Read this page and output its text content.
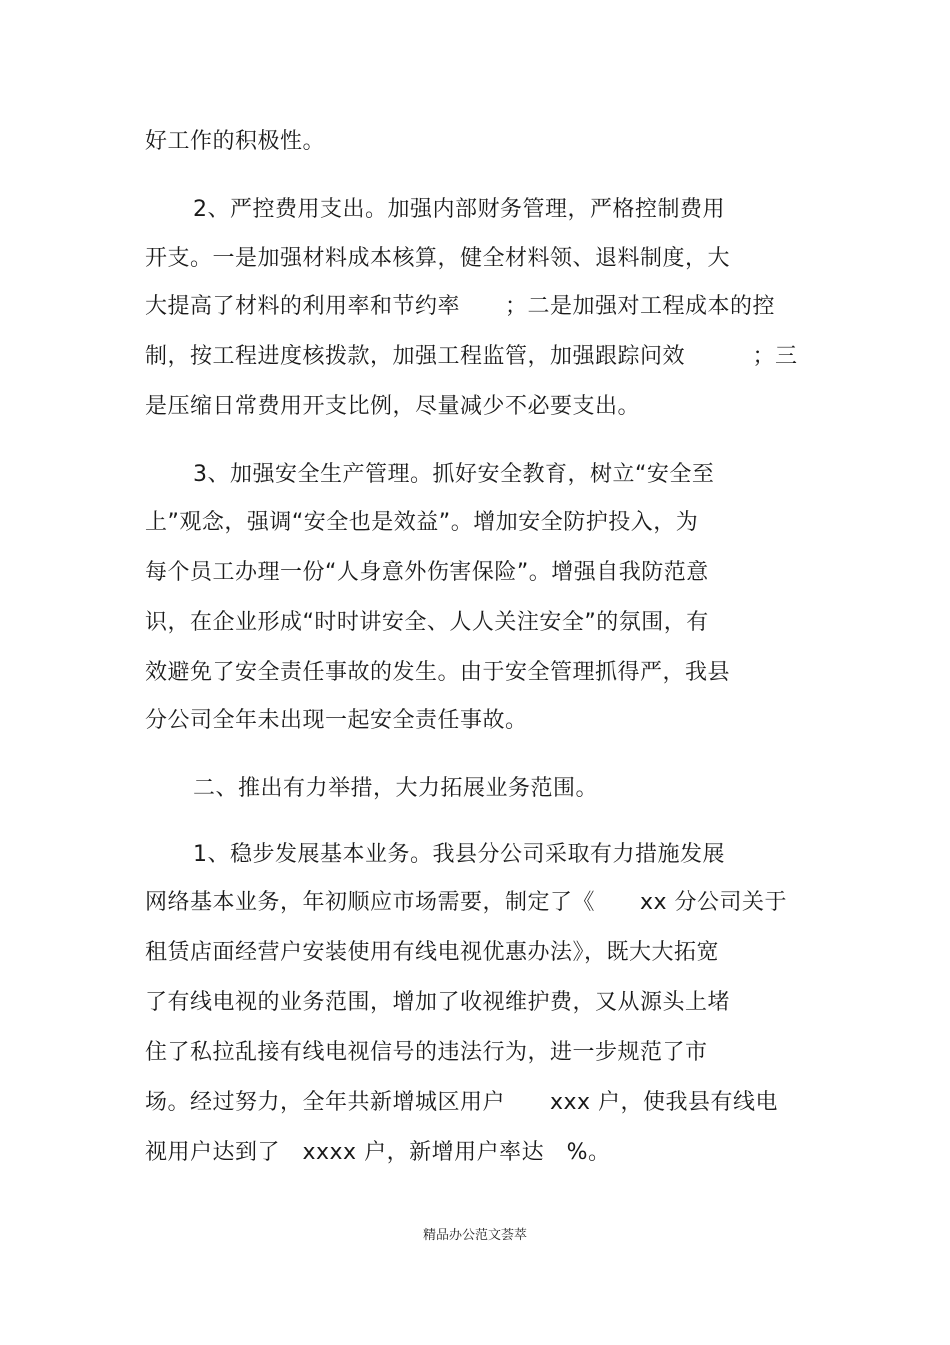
好工作的积极性。
2、严控费用支出。加强内部财务管理，严格控制费用
开支。一是加强材料成本核算，健全材料领、退料制度，大
大提高了材料的利用率和节约率　　；二是加强对工程成本的控
制，按工程进度核拨款，加强工程监管，加强跟踪问效　　　；三
是压缩日常费用开支比例，尽量减少不必要支出。
3、加强安全生产管理。抓好安全教育，树立“安全至
上”观念，强调“安全也是效益”。增加安全防护投入，为
每个员工办理一份“人身意外伤害保险”。增强自我防范意
识，在企业形成“时时讲安全、人人关注安全”的氛围，有
效避免了安全责任事故的发生。由于安全管理抓得严，我县
分公司全年未出现一起安全责任事故。
二、推出有力举措，大力拓展业务范围。
1、稳步发展基本业务。我县分公司采取有力措施发展
网络基本业务，年初顺应市场需要，制定了《　　xx 分公司关于
租赁店面经营户安装使用有线电视优惠办法》，既大大拓宽
了有线电视的业务范围，增加了收视维护费，又从源头上堵
住了私拉乱接有线电视信号的违法行为，进一步规范了市
场。经过努力，全年共新增城区用户　　xxx 户，使我县有线电
视用户达到了　xxxx 户，新增用户率达　%。
精品办公范文荟萃
